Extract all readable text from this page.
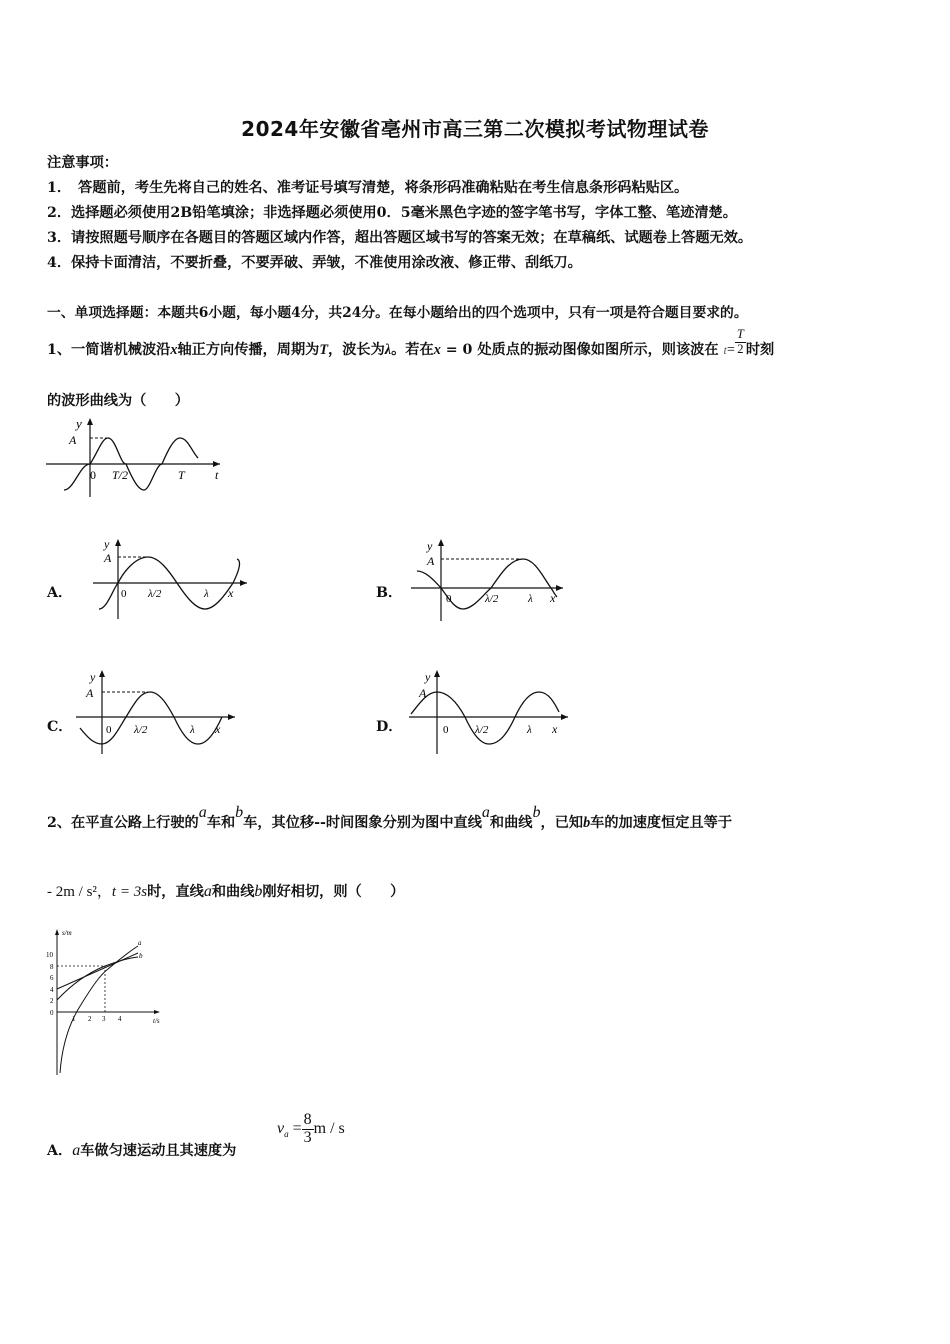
2024年安徽省亳州市高三第二次模拟考试物理试卷
注意事项：
1．　答题前，考生先将自己的姓名、准考证号填写清楚，将条形码准确粘贴在考生信息条形码粘贴区。
2．选择题必须使用2B铅笔填涂；非选择题必须使用0．5毫米黑色字迹的签字笔书写，字体工整、笔迹清楚。
3．请按照题号顺序在各题目的答题区域内作答，超出答题区域书写的答案无效；在草稿纸、试题卷上答题无效。
4．保持卡面清洁，不要折叠，不要弄破、弄皱，不准使用涂改液、修正带、刮纸刀。
一、单项选择题：本题共6小题，每小题4分，共24分。在每小题给出的四个选项中，只有一项是符合题目要求的。
1、一简谐机械波沿x轴正方向传播，周期为T，波长为λ。若在x = 0 处质点的振动图像如图所示，则该波在 $t= \frac{T}{2}$ 时刻
的波形曲线为（　　）
y
A
0 T/2	T	t
A．
y
A
0 λ/2	λ x	B．
y
A
0	λ/2	λ x
C．
y
A
0 λ/2	λ x	D．
y
A
0 λ/2	λ x
2、在平直公路上行驶的a车和b车，其位移--时间图象分别为图中直线a和曲线b，已知b车的加速度恒定且等于
- 2m / s²，t = 3s时，直线a和曲线b刚好相切，则（　　）
s/m
t/s
10
8
6
4
2
0
1 2 3 4
a
b
A．a车做匀速运动且其速度为
$v_a = \frac{8}{3}$ m / s
